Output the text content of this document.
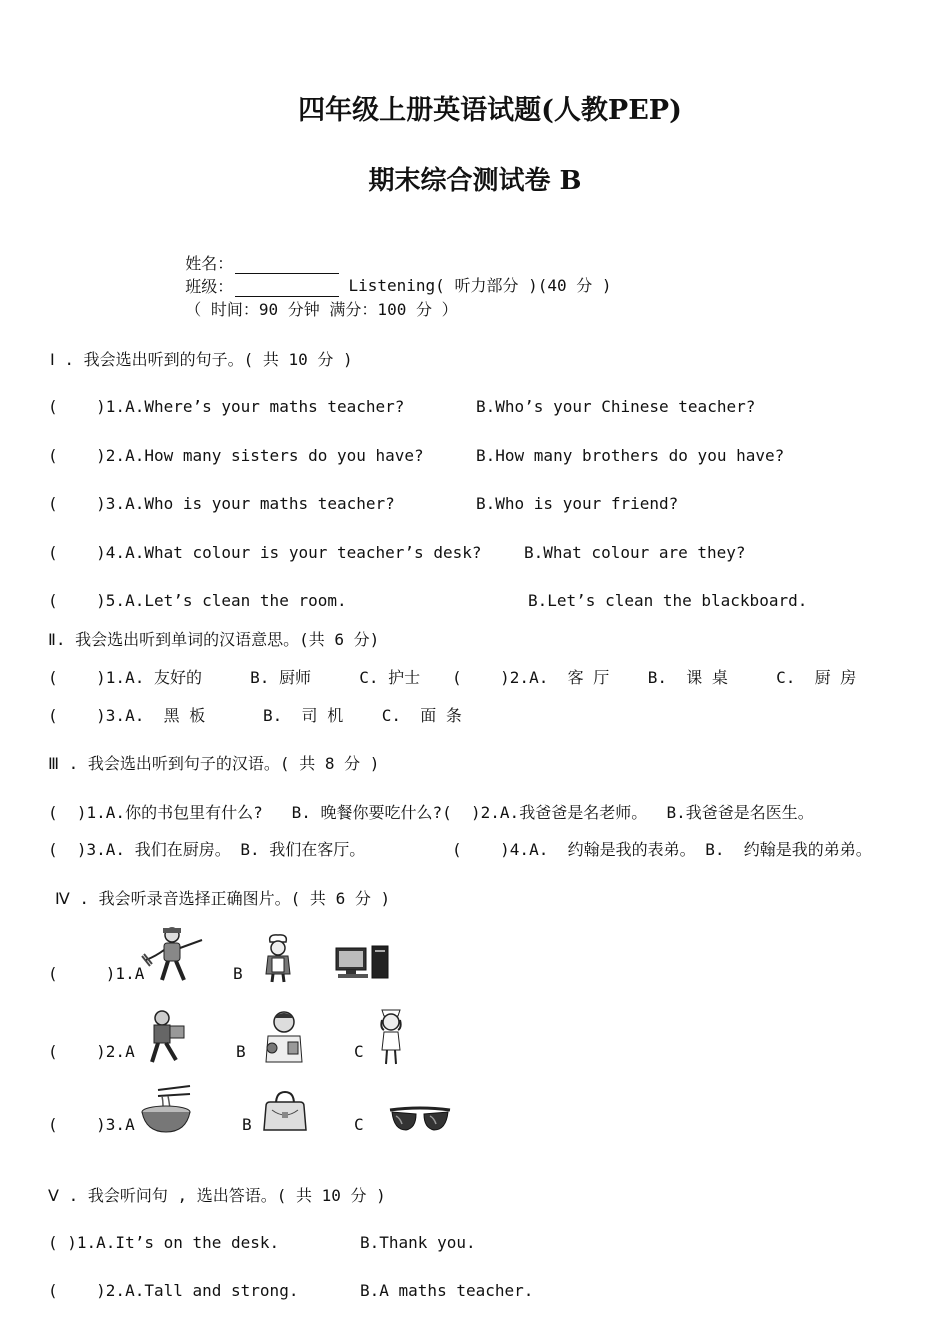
四年级上册英语试题(人教PEP)
期末综合测试卷 B

姓名：
班级：
（ 时间：90 分钟 满分：100 分 ）

Listening( 听力部分 )(40 分 )
Ⅰ . 我会选出听到的句子。( 共 10 分 )
(    )1.A.Where’s your maths teacher?	B.Who’s your Chinese teacher?
(    )2.A.How many sisters do you have?	B.How many brothers do you have?
(    )3.A.Who is your maths teacher?	B.Who is your friend?
(    )4.A.What colour is your teacher’s desk?	B.What colour are they?
(    )5.A.Let’s clean the room.	B.Let’s clean the blackboard.
Ⅱ. 我会选出听到单词的汉语意思。(共 6 分)
(    )1.A. 友好的     B. 厨师     C. 护士 (    )2.A.  客 厅    B.  课 桌     C.  厨 房
(    )3.A.  黑 板      B.  司 机    C.  面 条
Ⅲ . 我会选出听到句子的汉语。( 共 8 分 )
(  )1.A.你的书包里有什么?   B. 晚餐你要吃什么?(  )2.A.我爸爸是名老师。  B.我爸爸是名医生。
(  )3.A. 我们在厨房。 B. 我们在客厅。	(    )4.A.  约翰是我的表弟。 B.  约翰是我的弟弟。
Ⅳ . 我会听录音选择正确图片。( 共 6 分 )
(     )1.A	B
(    )2.A	B	C
(    )3.A	B	C
Ⅴ . 我会听问句 , 选出答语。( 共 10 分 )
( )1.A.It’s on the desk.	B.Thank you.
(    )2.A.Tall and strong.	B.A maths teacher.
